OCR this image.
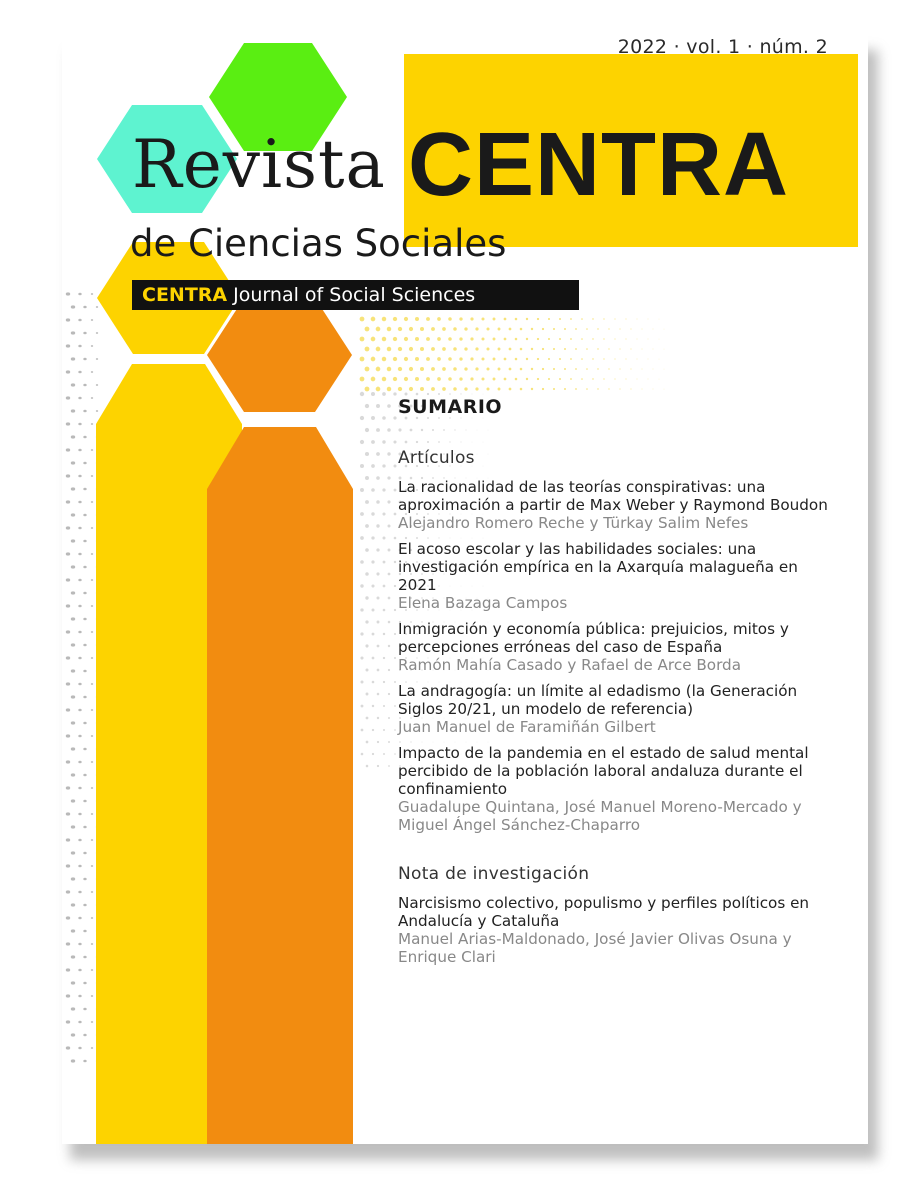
2022 · vol. 1 · núm. 2
Revista CENTRA
de Ciencias Sociales
CENTRA Journal of Social Sciences
SUMARIO
Artículos
La racionalidad de las teorías conspirativas: una aproximación a partir de Max Weber y Raymond Boudon
Alejandro Romero Reche y Türkay Salim Nefes
El acoso escolar y las habilidades sociales: una investigación empírica en la Axarquía malagueña en 2021
Elena Bazaga Campos
Inmigración y economía pública: prejuicios, mitos y percepciones erróneas del caso de España
Ramón Mahía Casado y Rafael de Arce Borda
La andragogía: un límite al edadismo (la Generación Siglos 20/21, un modelo de referencia)
Juan Manuel de Faramiñán Gilbert
Impacto de la pandemia en el estado de salud mental percibido de la población laboral andaluza durante el confinamiento
Guadalupe Quintana, José Manuel Moreno-Mercado y Miguel Ángel Sánchez-Chaparro
Nota de investigación
Narcisismo colectivo, populismo y perfiles políticos en Andalucía y Cataluña
Manuel Arias-Maldonado, José Javier Olivas Osuna y Enrique Clari
